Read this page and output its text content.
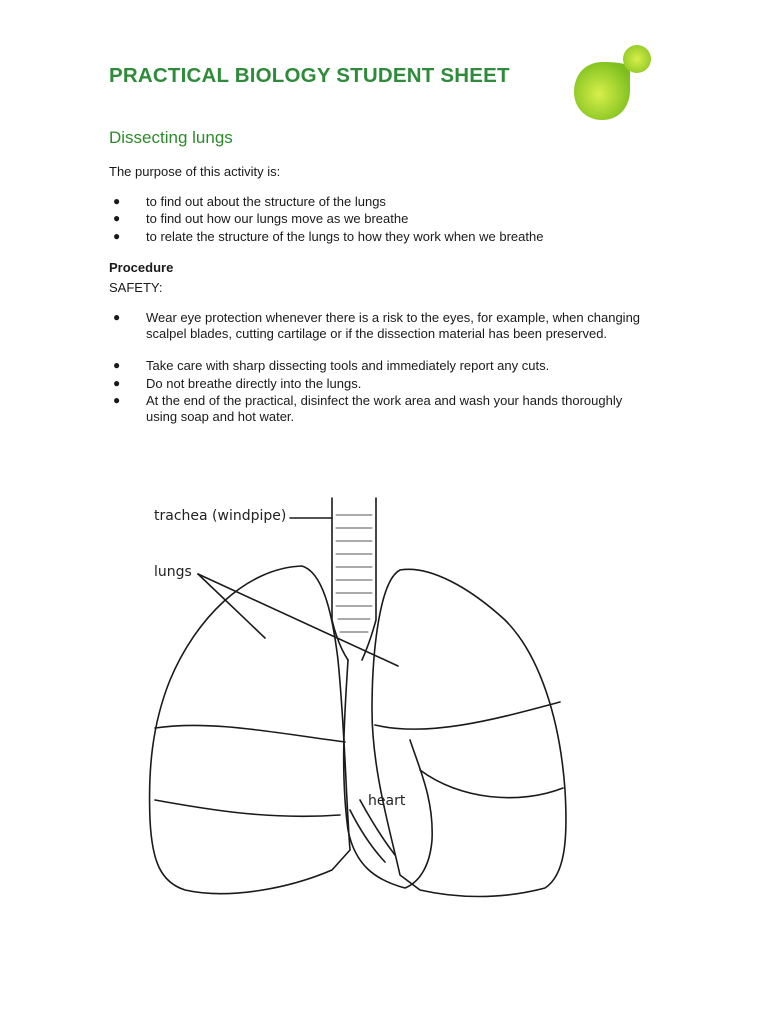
PRACTICAL BIOLOGY STUDENT SHEET
Dissecting lungs
The purpose of this activity is:
● to find out about the structure of the lungs
● to find out how our lungs move as we breathe
● to relate the structure of the lungs to how they work when we breathe
Procedure
SAFETY:
● Wear eye protection whenever there is a risk to the eyes, for example, when changing scalpel blades, cutting cartilage or if the dissection material has been preserved.
● Take care with sharp dissecting tools and immediately report any cuts.
● Do not breathe directly into the lungs.
● At the end of the practical, disinfect the work area and wash your hands thoroughly using soap and hot water.
trachea (windpipe)
lungs
heart
